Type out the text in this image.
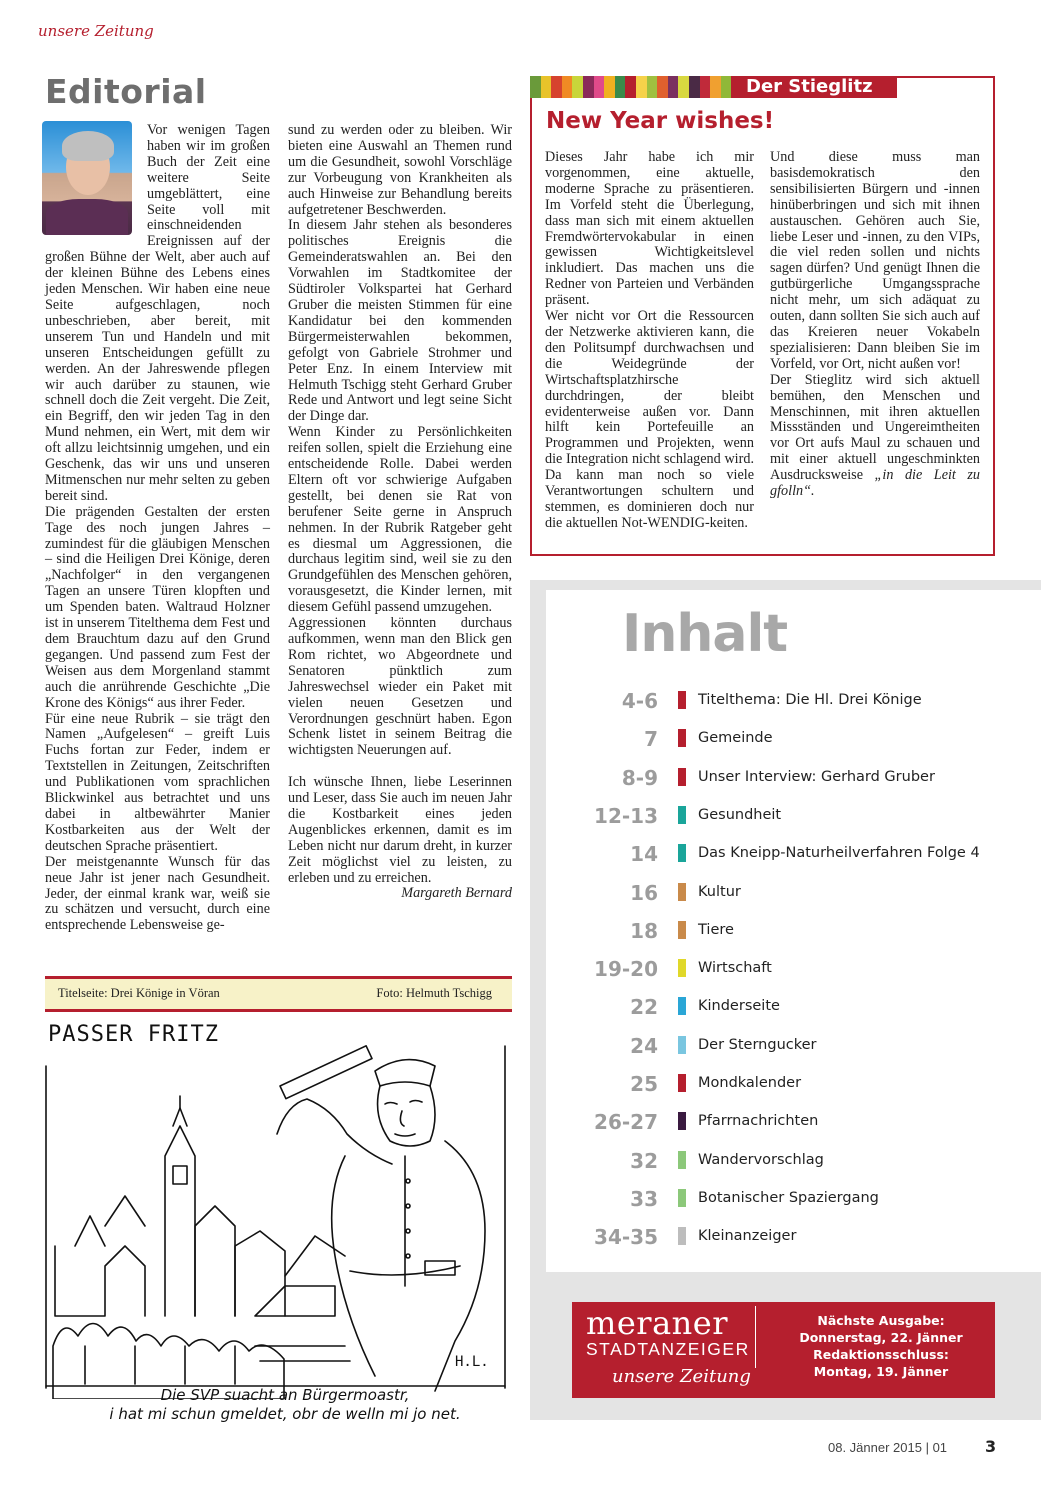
unsere Zeitung
Editorial

Vor wenigen Tagen haben wir im großen Buch der Zeit eine weitere Seite umgeblättert, eine Seite voll mit einschneidenden Ereignissen auf der großen Bühne der Welt, aber auch auf der kleinen Bühne des Lebens eines jeden Menschen. Wir haben eine neue Seite aufgeschlagen, noch unbeschrieben, aber bereit, mit unserem Tun und Handeln und mit unseren Entscheidungen gefüllt zu werden. An der Jahreswende pflegen wir auch darüber zu staunen, wie schnell doch die Zeit vergeht. Die Zeit, ein Begriff, den wir jeden Tag in den Mund nehmen, ein Wert, mit dem wir oft allzu leichtsinnig umgehen, und ein Geschenk, das wir uns und unseren Mitmenschen nur mehr selten zu geben bereit sind.

Die prägenden Gestalten der ersten Tage des noch jungen Jahres – zumindest für die gläubigen Menschen – sind die Heiligen Drei Könige, deren „Nachfolger“ in den vergangenen Tagen an unsere Türen klopften und um Spenden baten. Waltraud Holzner ist in unserem Titelthema dem Fest und dem Brauchtum dazu auf den Grund gegangen. Und passend zum Fest der Weisen aus dem Morgenland stammt auch die anrührende Geschichte „Die Krone des Königs“ aus ihrer Feder.

Für eine neue Rubrik – sie trägt den Namen „Aufgelesen“ – greift Luis Fuchs fortan zur Feder, indem er Textstellen in Zeitungen, Zeitschriften und Publikationen vom sprachlichen Blickwinkel aus betrachtet und uns dabei in altbewährter Manier Kostbarkeiten aus der Welt der deutschen Sprache präsentiert.

Der meistgenannte Wunsch für das neue Jahr ist jener nach Gesundheit. Jeder, der einmal krank war, weiß sie zu schätzen und versucht, durch eine entsprechende Lebensweise ge-

sund zu werden oder zu bleiben. Wir bieten eine Auswahl an Themen rund um die Gesundheit, sowohl Vorschläge zur Vorbeugung von Krankheiten als auch Hinweise zur Behandlung bereits aufgetretener Beschwerden.

In diesem Jahr stehen als besonderes politisches Ereignis die Gemeinderatswahlen an. Bei den Vorwahlen im Stadtkomitee der Südtiroler Volkspartei hat Gerhard Gruber die meisten Stimmen für eine Kandidatur bei den kommenden Bürgermeisterwahlen bekommen, gefolgt von Gabriele Strohmer und Peter Enz. In einem Interview mit Helmuth Tschigg steht Gerhard Gruber Rede und Antwort und legt seine Sicht der Dinge dar.

Wenn Kinder zu Persönlichkeiten reifen sollen, spielt die Erziehung eine entscheidende Rolle. Dabei werden Eltern oft vor schwierige Aufgaben gestellt, bei denen sie Rat von berufener Seite gerne in Anspruch nehmen. In der Rubrik Ratgeber geht es diesmal um Aggressionen, die durchaus legitim sind, weil sie zu den Grundgefühlen des Menschen gehören, vorausgesetzt, die Kinder lernen, mit diesem Gefühl passend umzugehen.

Aggressionen könnten durchaus aufkommen, wenn man den Blick gen Rom richtet, wo Abgeordnete und Senatoren pünktlich zum Jahreswechsel wieder ein Paket mit vielen neuen Gesetzen und Verordnungen geschnürt haben. Egon Schenk listet in seinem Beitrag die wichtigsten Neuerungen auf.

Ich wünsche Ihnen, liebe Leserinnen und Leser, dass Sie auch im neuen Jahr die Kostbarkeit eines jeden Augenblickes erkennen, damit es im Leben nicht nur darum dreht, in kurzer Zeit möglichst viel zu leisten, zu erleben und zu erreichen.

Margareth Bernard

Titelseite: Drei Könige in Vöran	Foto: Helmuth Tschigg
PASSER FRITZ
H.L.
Die SVP suacht an Bürgermoastr,
i hat mi schun gmeldet, obr de welln mi jo net.
Der Stieglitz
New Year wishes!

Dieses Jahr habe ich mir vorgenommen, eine aktuelle, moderne Sprache zu präsentieren. Im Vorfeld steht die Überlegung, dass man sich mit einem aktuellen Fremdwörtervokabular in einen gewissen Wichtigkeitslevel inkludiert. Das machen uns die Redner von Parteien und Verbänden präsent.

Wer nicht vor Ort die Ressourcen der Netzwerke aktivieren kann, die den Politsumpf durchwachsen und die Weidegründe der Wirtschaftsplatzhirsche durchdringen, der bleibt evidenterweise außen vor. Dann hilft kein Portefeuille an Programmen und Projekten, wenn die Integration nicht schlagend wird. Da kann man noch so viele Verantwortungen schultern und stemmen, es dominieren doch nur die aktuellen Not-WENDIG-keiten.

Und diese muss man basisdemokratisch den sensibilisierten Bürgern und -innen hinüberbringen und sich mit ihnen austauschen. Gehören auch Sie, liebe Leser und -innen, zu den VIPs, die viel reden sollen und nichts sagen dürfen? Und genügt Ihnen die gutbürgerliche Umgangssprache nicht mehr, um sich adäquat zu outen, dann sollten Sie sich auch auf das Kreieren neuer Vokabeln spezialisieren: Dann bleiben Sie im Vorfeld, vor Ort, nicht außen vor!

Der Stieglitz wird sich aktuell bemühen, den Menschen und Menschinnen, mit ihren aktuellen Missständen und Ungereimtheiten vor Ort aufs Maul zu schauen und mit einer aktuell ungeschminkten Ausdrucksweise „in die Leit zu gfolln“.

Inhalt
4-6	Titelthema: Die Hl. Drei Könige
7	Gemeinde
8-9	Unser Interview: Gerhard Gruber
12-13	Gesundheit
14	Das Kneipp-Naturheilverfahren Folge 4
16	Kultur
18	Tiere
19-20	Wirtschaft
22	Kinderseite
24	Der Sterngucker
25	Mondkalender
26-27	Pfarrnachrichten
32	Wandervorschlag
33	Botanischer Spaziergang
34-35	Kleinanzeiger
meraner
STADTANZEIGER
unsere Zeitung
Nächste Ausgabe:
Donnerstag, 22. Jänner
Redaktionsschluss:
Montag, 19. Jänner
08. Jänner 2015 | 01 3
